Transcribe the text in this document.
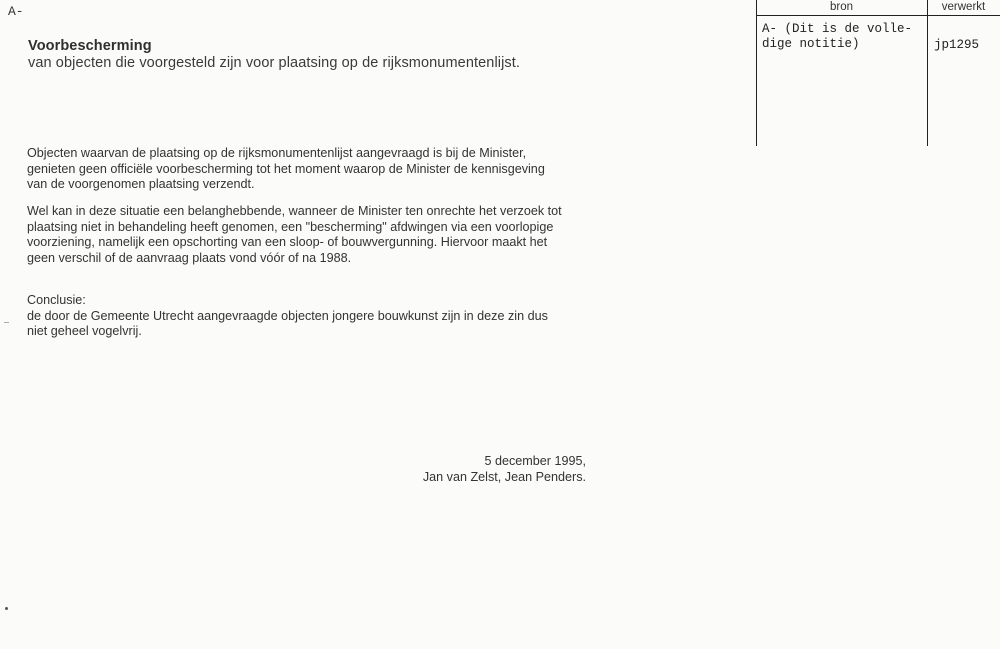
A-
Voorbescherming
van objecten die voorgesteld zijn voor plaatsing op de rijksmonumentenlijst.
bron	verwerkt
A- (Dit is de volle-
dige notitie)	jp1295
Objecten waarvan de plaatsing op de rijksmonumentenlijst aangevraagd is bij de Minister,
genieten geen officiële voorbescherming tot het moment waarop de Minister de kennisgeving
van de voorgenomen plaatsing verzendt.
Wel kan in deze situatie een belanghebbende, wanneer de Minister ten onrechte het verzoek tot
plaatsing niet in behandeling heeft genomen, een "bescherming" afdwingen via een voorlopige
voorziening, namelijk een opschorting van een sloop- of bouwvergunning. Hiervoor maakt het
geen verschil of de aanvraag plaats vond vóór of na 1988.
Conclusie:
de door de Gemeente Utrecht aangevraagde objecten jongere bouwkunst zijn in deze zin dus
niet geheel vogelvrij.
5 december 1995,
Jan van Zelst, Jean Penders.
